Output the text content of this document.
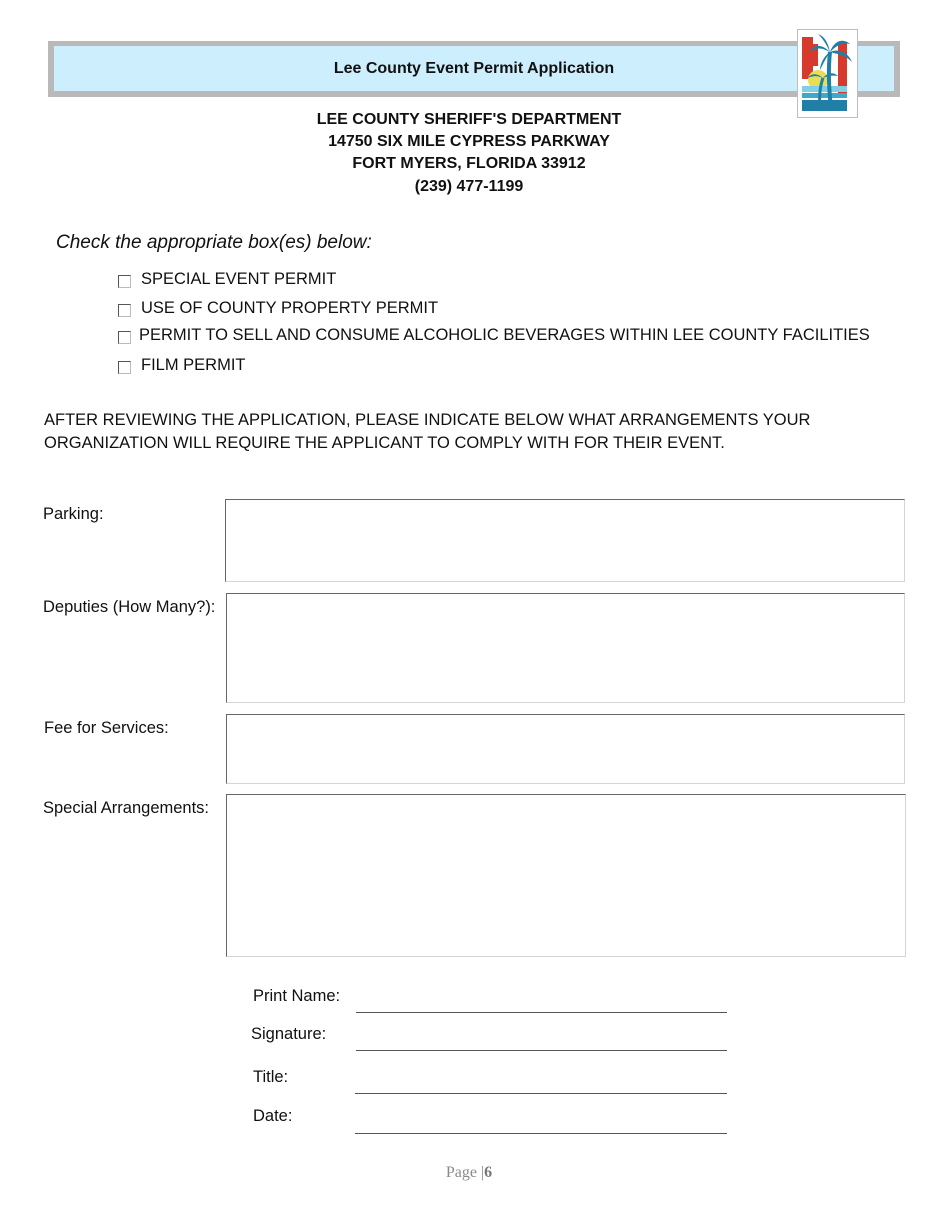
Lee County Event Permit Application
LEE COUNTY SHERIFF'S DEPARTMENT
14750 SIX MILE CYPRESS PARKWAY
FORT MYERS, FLORIDA 33912
(239) 477-1199
Check the appropriate box(es) below:
SPECIAL EVENT PERMIT
USE OF COUNTY PROPERTY PERMIT
PERMIT TO SELL AND CONSUME ALCOHOLIC BEVERAGES WITHIN LEE COUNTY FACILITIES
FILM PERMIT
AFTER REVIEWING THE APPLICATION, PLEASE INDICATE BELOW WHAT ARRANGEMENTS YOUR ORGANIZATION WILL REQUIRE THE APPLICANT TO COMPLY WITH FOR THEIR EVENT.
Parking:
Deputies (How Many?):
Fee for Services:
Special Arrangements:
Print Name:
Signature:
Title:
Date:
Page |6
